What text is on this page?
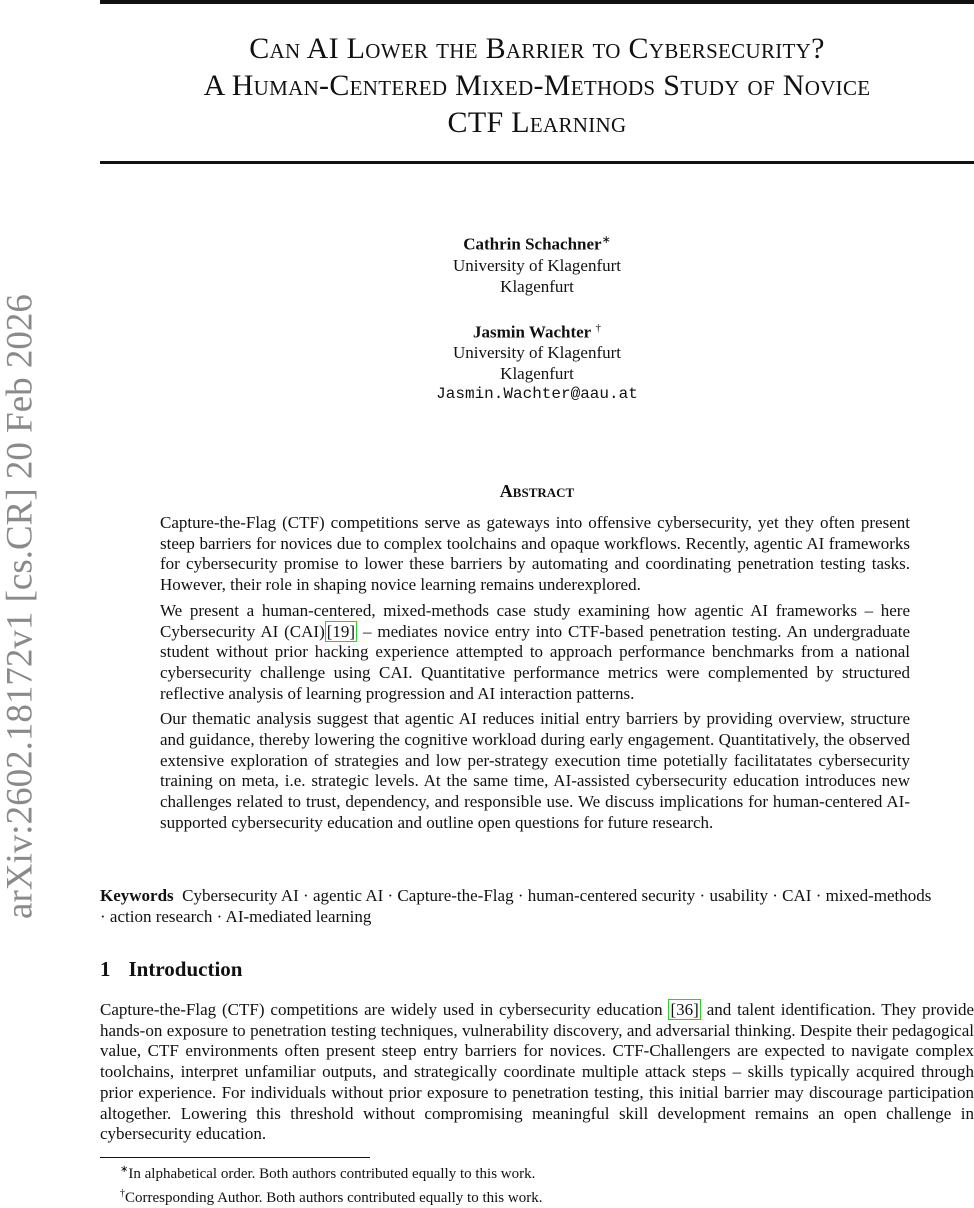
Can AI Lower the Barrier to Cybersecurity?
A Human-Centered Mixed-Methods Study of Novice
CTF Learning
arXiv:2602.18172v1 [cs.CR] 20 Feb 2026
Cathrin Schachner∗
University of Klagenfurt
Klagenfurt
Jasmin Wachter †
University of Klagenfurt
Klagenfurt
Jasmin.Wachter@aau.at
Abstract

Capture-the-Flag (CTF) competitions serve as gateways into offensive cybersecurity, yet they often present steep barriers for novices due to complex toolchains and opaque workflows. Recently, agentic AI frameworks for cybersecurity promise to lower these barriers by automating and coordinating penetration testing tasks. However, their role in shaping novice learning remains underexplored.

We present a human-centered, mixed-methods case study examining how agentic AI frameworks – here Cybersecurity AI (CAI) [19] – mediates novice entry into CTF-based penetration testing. An undergraduate student without prior hacking experience attempted to approach performance benchmarks from a national cybersecurity challenge using CAI. Quantitative performance metrics were complemented by structured reflective analysis of learning progression and AI interaction patterns.

Our thematic analysis suggest that agentic AI reduces initial entry barriers by providing overview, structure and guidance, thereby lowering the cognitive workload during early engagement. Quantitatively, the observed extensive exploration of strategies and low per-strategy execution time potetially facilitatates cybersecurity training on meta, i.e. strategic levels. At the same time, AI-assisted cybersecurity education introduces new challenges related to trust, dependency, and responsible use. We discuss implications for human-centered AI-supported cybersecurity education and outline open questions for future research.

Keywords Cybersecurity AI · agentic AI · Capture-the-Flag · human-centered security · usability · CAI · mixed-methods · action research · AI-mediated learning
1 Introduction

Capture-the-Flag (CTF) competitions are widely used in cybersecurity education [36] and talent identification. They provide hands-on exposure to penetration testing techniques, vulnerability discovery, and adversarial thinking. Despite their pedagogical value, CTF environments often present steep entry barriers for novices. CTF-Challengers are expected to navigate complex toolchains, interpret unfamiliar outputs, and strategically coordinate multiple attack steps – skills typically acquired through prior experience. For individuals without prior exposure to penetration testing, this initial barrier may discourage participation altogether. Lowering this threshold without compromising meaningful skill development remains an open challenge in cybersecurity education.

∗In alphabetical order. Both authors contributed equally to this work.
†Corresponding Author. Both authors contributed equally to this work.
